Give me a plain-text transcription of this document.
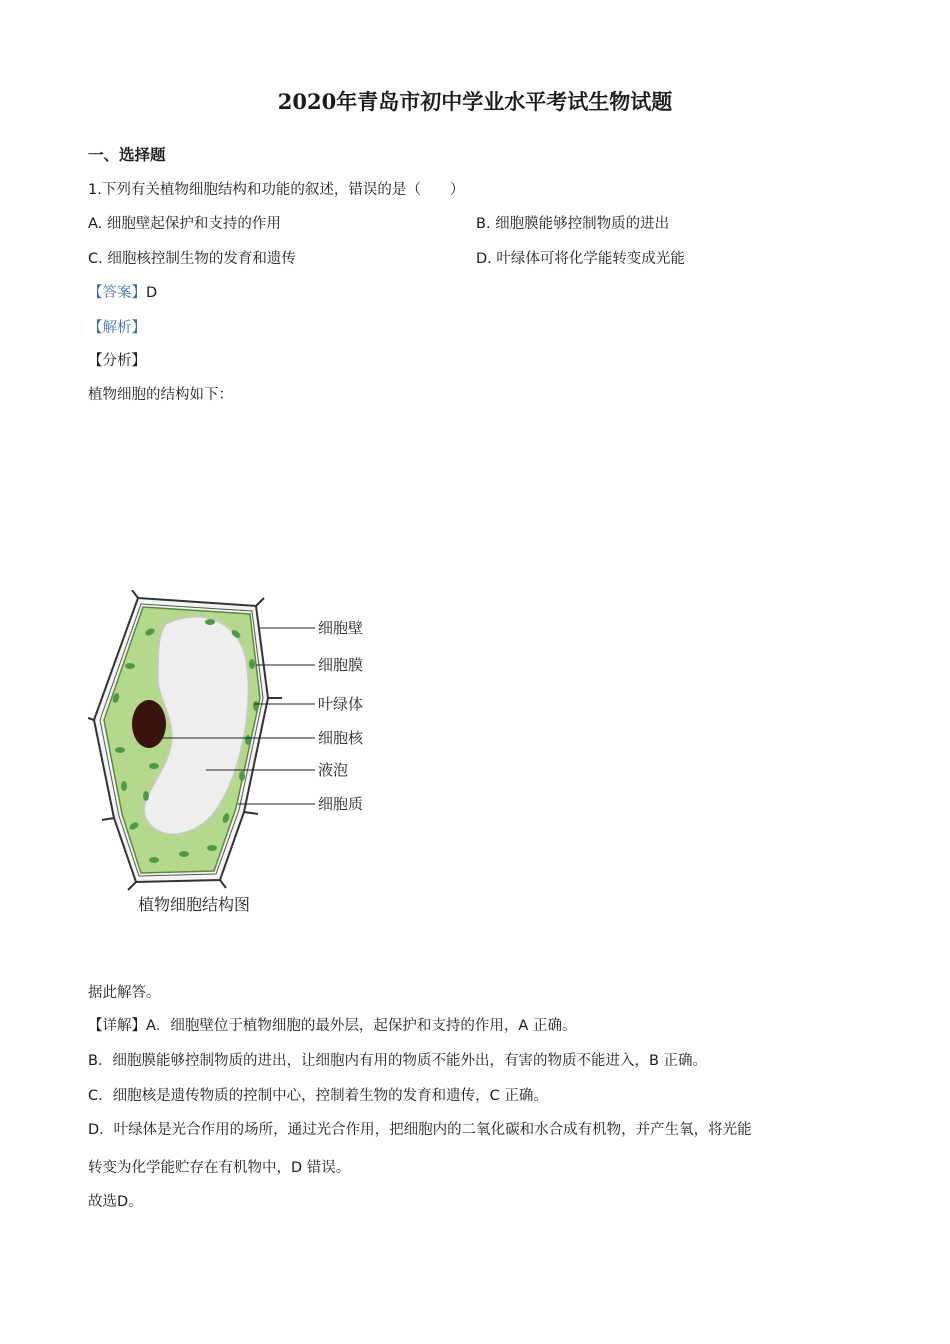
2020年青岛市初中学业水平考试生物试题
一、选择题
1.下列有关植物细胞结构和功能的叙述，错误的是（　　）
A. 细胞壁起保护和支持的作用	B. 细胞膜能够控制物质的进出
C. 细胞核控制生物的发育和遗传	D. 叶绿体可将化学能转变成光能
【答案】D
【解析】
【分析】
植物细胞的结构如下：
细胞壁
细胞膜
叶绿体
细胞核
液泡
细胞质
植物细胞结构图
据此解答。
【详解】A．细胞壁位于植物细胞的最外层，起保护和支持的作用，A 正确。
B．细胞膜能够控制物质的进出，让细胞内有用的物质不能外出，有害的物质不能进入，B 正确。
C．细胞核是遗传物质的控制中心，控制着生物的发育和遗传，C 正确。
D．叶绿体是光合作用的场所，通过光合作用，把细胞内的二氧化碳和水合成有机物，并产生氧，将光能
转变为化学能贮存在有机物中，D 错误。
故选D。
